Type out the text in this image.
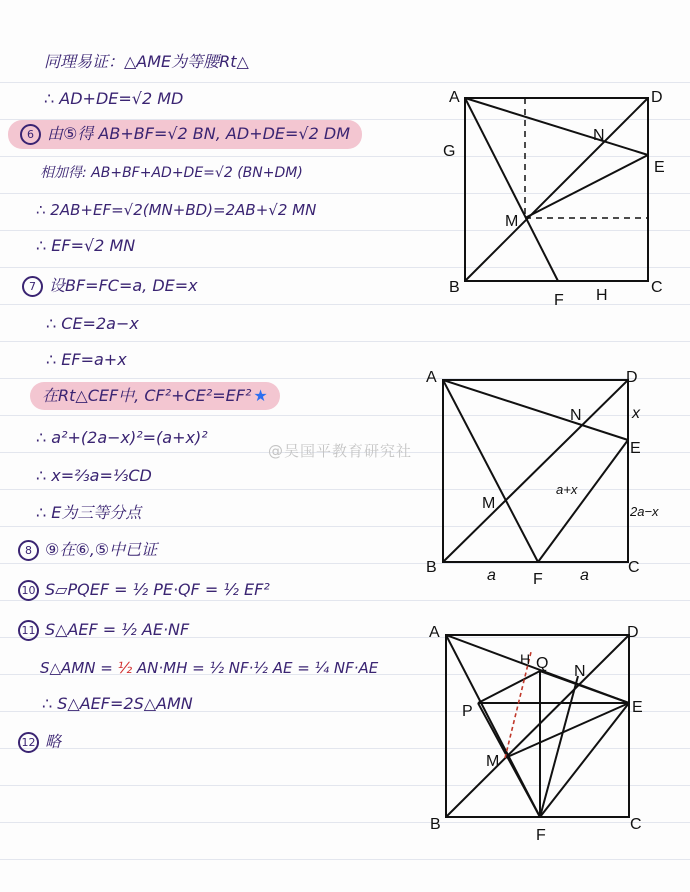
同理易证：△AME为等腰Rt△
∴ AD+DE=√2 MD
6 由⑤得 AB+BF=√2 BN, AD+DE=√2 DM
相加得: AB+BF+AD+DE=√2 (BN+DM)
∴ 2AB+EF=√2(MN+BD)=2AB+√2 MN
∴ EF=√2 MN
7 设BF=FC=a, DE=x
∴ CE=2a−x
∴ EF=a+x
在Rt△CEF中, CF²+CE²=EF² ★
∴ a²+(2a−x)²=(a+x)²
∴ x=⅔a=⅓CD
∴ E为三等分点
8 ⑨在⑥,⑤中已证
10 S▱PQEF = ½ PE·QF = ½ EF²
11 S△AEF = ½ AE·NF
S△AMN = ½ AN·MH = ½ NF·½ AE = ¼ NF·AE
∴ S△AEF=2S△AMN
12 略
@吴国平教育研究社
A	D
G
N
E
M
B
F H	C
A	D
N	x
E
M
a+x
2a−x
B	a F a C
A	D
H Q N
P	E
M
B
F
C
